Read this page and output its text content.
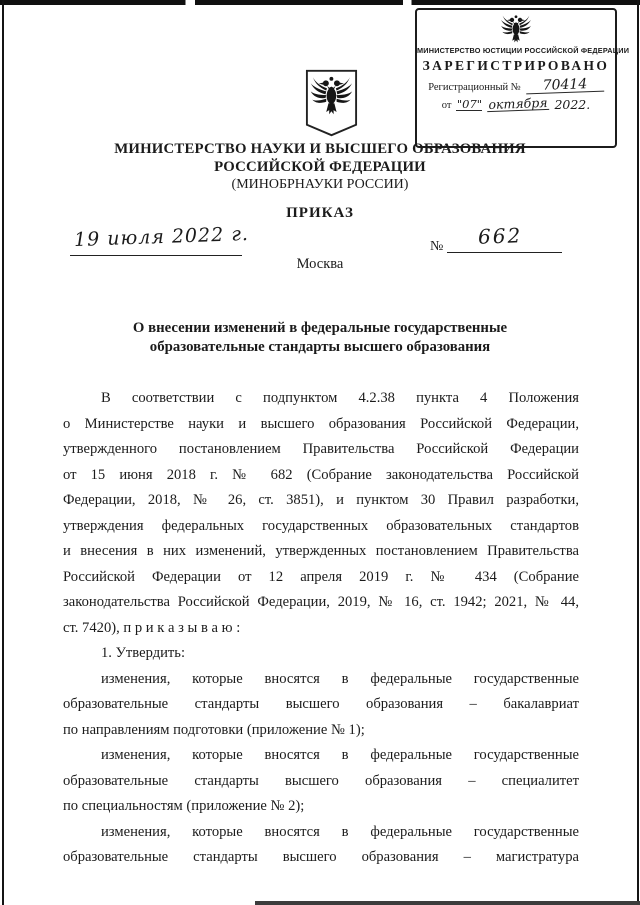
МИНИСТЕРСТВО ЮСТИЦИИ РОССИЙСКОЙ ФЕДЕРАЦИИ
ЗАРЕГИСТРИРОВАНО
Регистрационный №	70414
от "07" октября 2022.
МИНИСТЕРСТВО НАУКИ И ВЫСШЕГО ОБРАЗОВАНИЯ
РОССИЙСКОЙ ФЕДЕРАЦИИ
(МИНОБРНАУКИ РОССИИ)
ПРИКАЗ
19 июля 2022 г.	№ 662
Москва
О внесении изменений в федеральные государственные
образовательные стандарты высшего образования
В соответствии с подпунктом 4.2.38 пункта 4 Положения
о Министерстве науки и высшего образования Российской Федерации,
утвержденного постановлением Правительства Российской Федерации
от 15 июня 2018 г. № 682 (Собрание законодательства Российской
Федерации, 2018, № 26, ст. 3851), и пунктом 30 Правил разработки,
утверждения федеральных государственных образовательных стандартов
и внесения в них изменений, утвержденных постановлением Правительства
Российской Федерации от 12 апреля 2019 г. № 434 (Собрание
законодательства Российской Федерации, 2019, № 16, ст. 1942; 2021, № 44,
ст. 7420), п р и к а з ы в а ю :
1. Утвердить:
изменения, которые вносятся в федеральные государственные
образовательные стандарты высшего образования – бакалавриат
по направлениям подготовки (приложение № 1);
изменения, которые вносятся в федеральные государственные
образовательные стандарты высшего образования – специалитет
по специальностям (приложение № 2);
изменения, которые вносятся в федеральные государственные
образовательные стандарты высшего образования – магистратура
